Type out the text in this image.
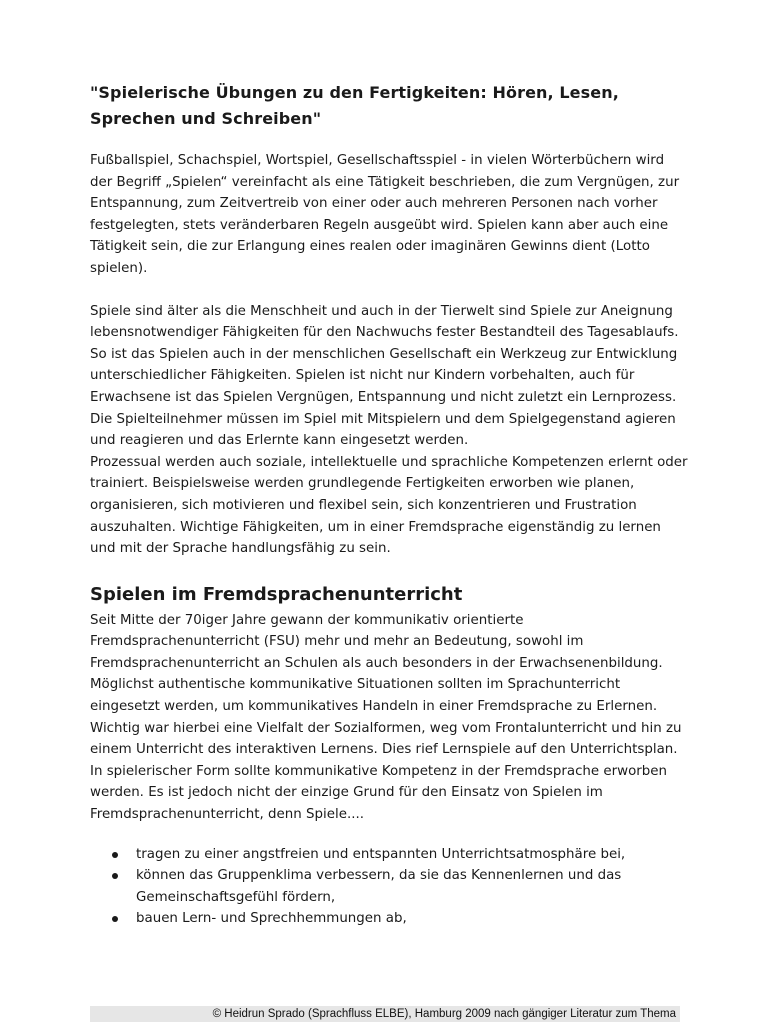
"Spielerische Übungen zu den Fertigkeiten: Hören, Lesen, Sprechen und Schreiben"

Fußballspiel, Schachspiel, Wortspiel, Gesellschaftsspiel - in vielen Wörterbüchern wird der Begriff „Spielen“ vereinfacht als eine Tätigkeit beschrieben, die zum Vergnügen, zur Entspannung, zum Zeitvertreib von einer oder auch mehreren Personen nach vorher festgelegten, stets veränderbaren Regeln ausgeübt wird. Spielen kann aber auch eine Tätigkeit sein, die zur Erlangung eines realen oder imaginären Gewinns dient (Lotto spielen).

Spiele sind älter als die Menschheit und auch in der Tierwelt sind Spiele zur Aneignung lebensnotwendiger Fähigkeiten für den Nachwuchs fester Bestandteil des Tagesablaufs. So ist das Spielen auch in der menschlichen Gesellschaft ein Werkzeug zur Entwicklung unterschiedlicher Fähigkeiten. Spielen ist nicht nur Kindern vorbehalten, auch für Erwachsene ist das Spielen Vergnügen, Entspannung und nicht zuletzt ein Lernprozess.

Die Spielteilnehmer müssen im Spiel mit Mitspielern und dem Spielgegenstand agieren und reagieren und das Erlernte kann eingesetzt werden.

Prozessual werden auch soziale, intellektuelle und sprachliche Kompetenzen erlernt oder trainiert. Beispielsweise werden grundlegende Fertigkeiten erworben wie planen, organisieren, sich motivieren und flexibel sein, sich konzentrieren und Frustration auszuhalten. Wichtige Fähigkeiten, um in einer Fremdsprache eigenständig zu lernen und mit der Sprache handlungsfähig zu sein.

Spielen im Fremdsprachenunterricht

Seit Mitte der 70iger Jahre gewann der kommunikativ orientierte Fremdsprachenunterricht (FSU) mehr und mehr an Bedeutung, sowohl im Fremdsprachenunterricht an Schulen als auch besonders in der Erwachsenenbildung. Möglichst authentische kommunikative Situationen sollten im Sprachunterricht eingesetzt werden, um kommunikatives Handeln in einer Fremdsprache zu Erlernen. Wichtig war hierbei eine Vielfalt der Sozialformen, weg vom Frontalunterricht und hin zu einem Unterricht des interaktiven Lernens. Dies rief Lernspiele auf den Unterrichtsplan. In spielerischer Form sollte kommunikative Kompetenz in der Fremdsprache erworben werden. Es ist jedoch nicht der einzige Grund für den Einsatz von Spielen im Fremdsprachenunterricht, denn Spiele....

tragen zu einer angstfreien und entspannten Unterrichtsatmosphäre bei,
können das Gruppenklima verbessern, da sie das Kennenlernen und das Gemeinschaftsgefühl fördern,
bauen Lern- und Sprechhemmungen ab,
© Heidrun Sprado (Sprachfluss ELBE), Hamburg 2009 nach gängiger Literatur zum Thema
